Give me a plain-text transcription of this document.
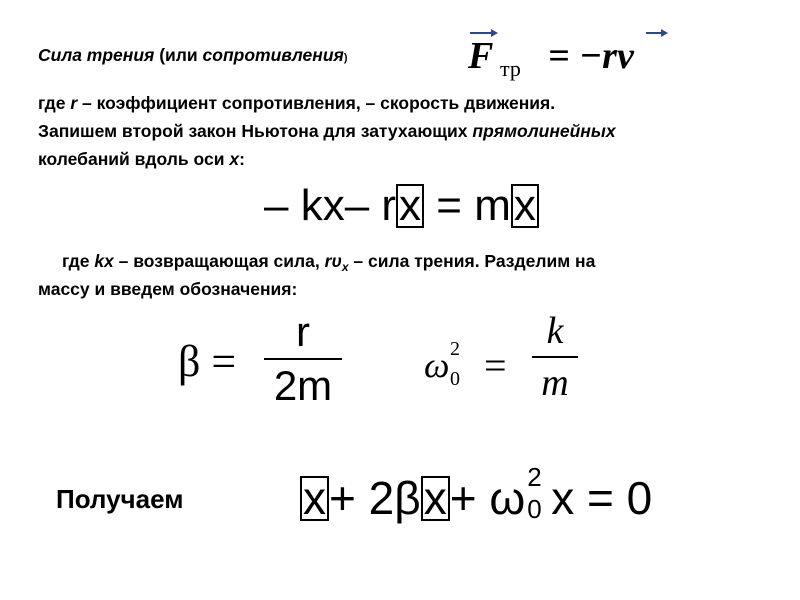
Сила трения (или сопротивления)	F тр = −rv
где r – коэффициент сопротивления, – скорость движения.
Запишем второй закон Ньютона для затухающих прямолинейных
колебаний вдоль оси x:
– kx– rx = mx
где kx – возвращающая сила, $r\upsilon_x$ – сила трения. Разделим на
массу и введем обозначения:
β =
r
2m	ω 2
0 =
k
m
Получаем	x+ 2βx+ ω 2
0 x = 0
